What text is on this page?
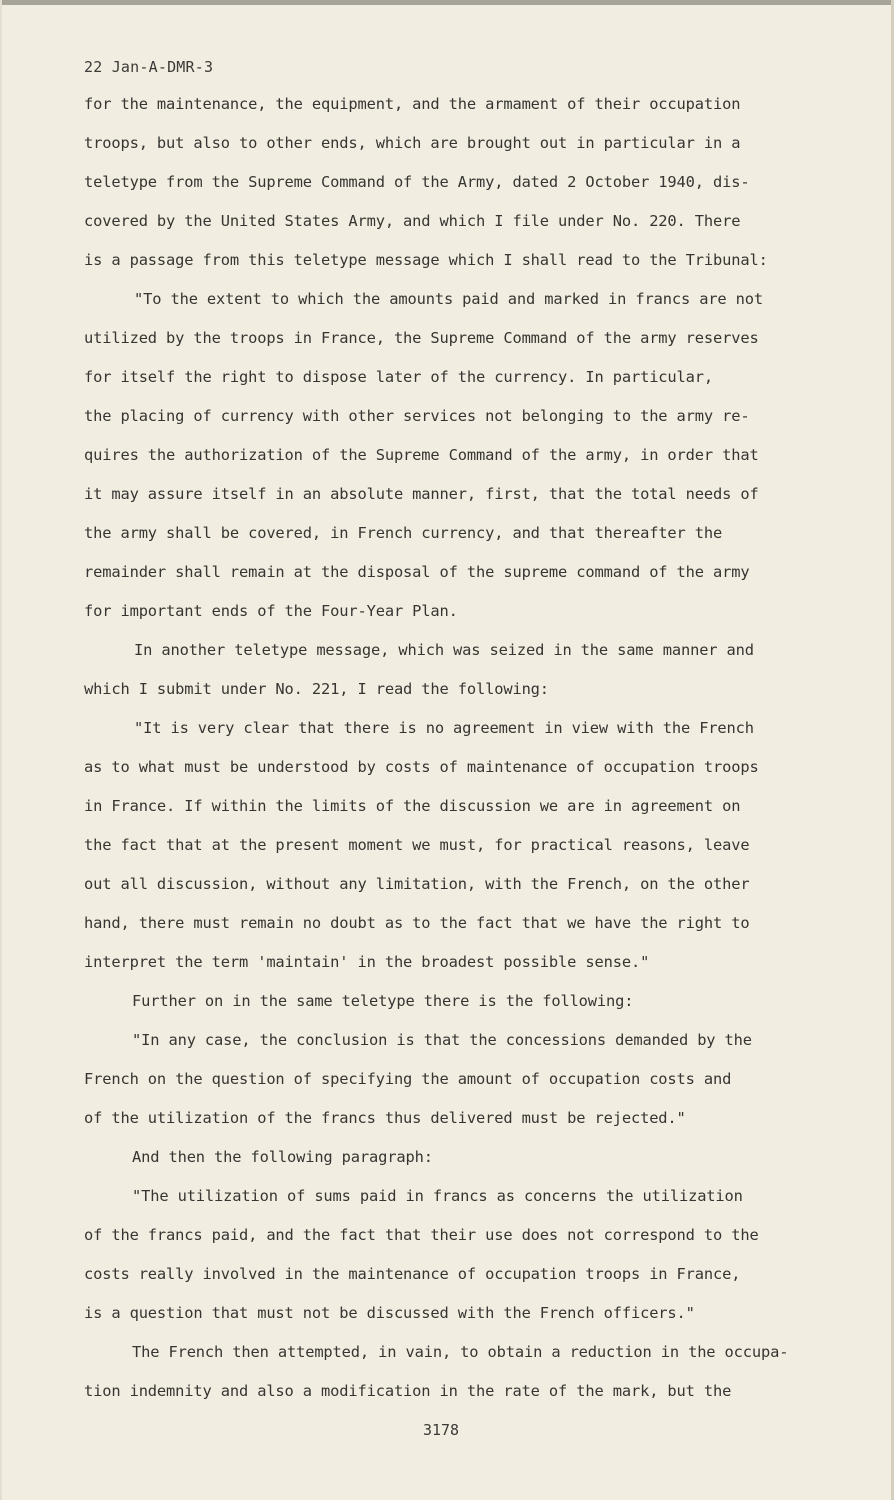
22 Jan-A-DMR-3
for the maintenance, the equipment, and the armament of their occupation
troops, but also to other ends, which are brought out in particular in a
teletype from the Supreme Command of the Army, dated 2 October 1940, dis-
covered by the United States Army, and which I file under No. 220. There
is a passage from this teletype message which I shall read to the Tribunal:
"To the extent to which the amounts paid and marked in francs are not
utilized by the troops in France, the Supreme Command of the army reserves
for itself the right to dispose later of the currency. In particular,
the placing of currency with other services not belonging to the army re-
quires the authorization of the Supreme Command of the army, in order that
it may assure itself in an absolute manner, first, that the total needs of
the army shall be covered, in French currency, and that thereafter the
remainder shall remain at the disposal of the supreme command of the army
for important ends of the Four-Year Plan.
In another teletype message, which was seized in the same manner and
which I submit under No. 221, I read the following:
"It is very clear that there is no agreement in view with the French
as to what must be understood by costs of maintenance of occupation troops
in France. If within the limits of the discussion we are in agreement on
the fact that at the present moment we must, for practical reasons, leave
out all discussion, without any limitation, with the French, on the other
hand, there must remain no doubt as to the fact that we have the right to
interpret the term 'maintain' in the broadest possible sense."
Further on in the same teletype there is the following:
"In any case, the conclusion is that the concessions demanded by the
French on the question of specifying the amount of occupation costs and
of the utilization of the francs thus delivered must be rejected."
And then the following paragraph:
"The utilization of sums paid in francs as concerns the utilization
of the francs paid, and the fact that their use does not correspond to the
costs really involved in the maintenance of occupation troops in France,
is a question that must not be discussed with the French officers."
The French then attempted, in vain, to obtain a reduction in the occupa-
tion indemnity and also a modification in the rate of the mark, but the
3178
